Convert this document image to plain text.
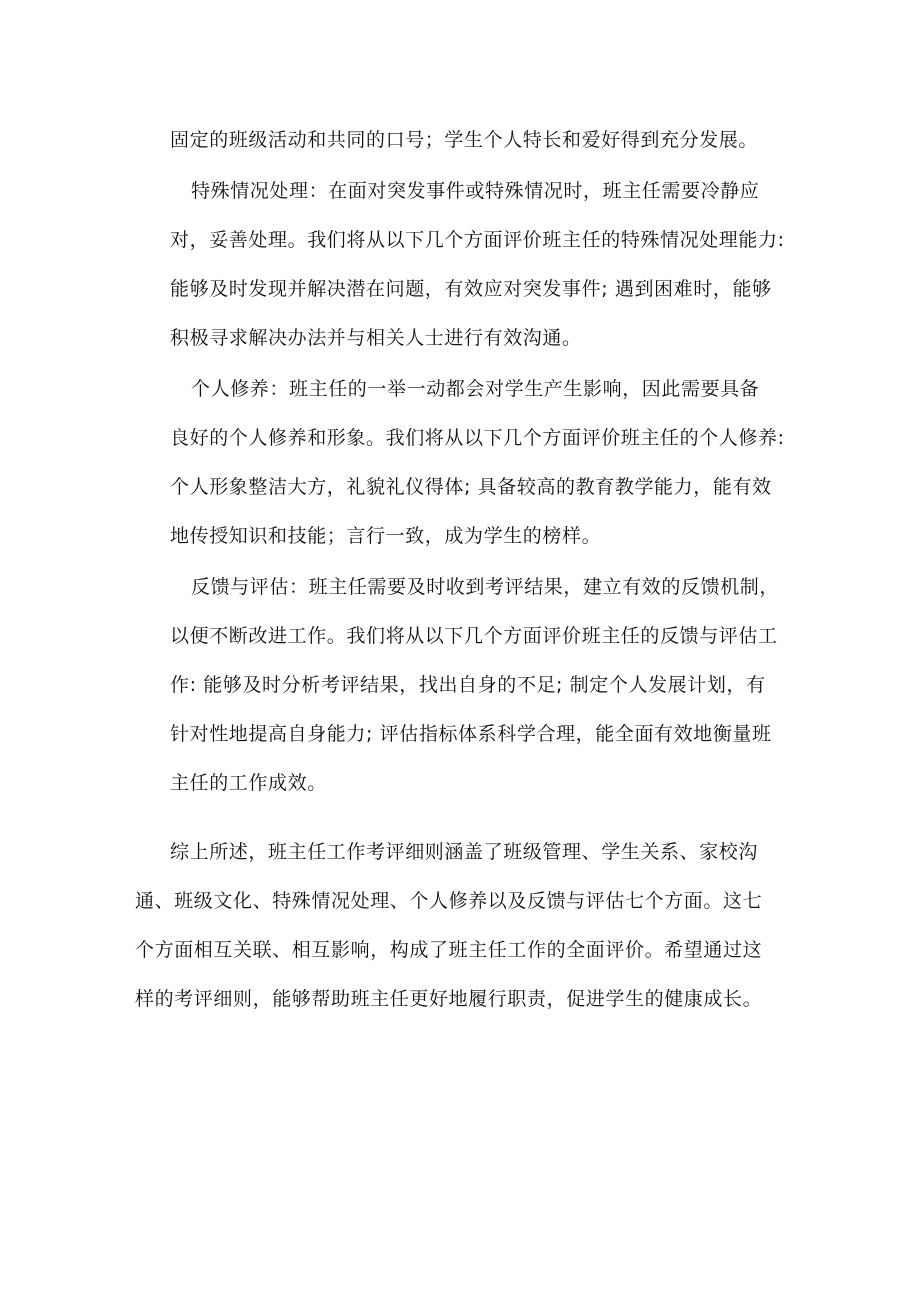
固定的班级活动和共同的口号；学生个人特长和爱好得到充分发展。
特殊情况处理：在面对突发事件或特殊情况时，班主任需要冷静应
对，妥善处理。我们将从以下几个方面评价班主任的特殊情况处理能力:
能够及时发现并解决潜在问题，有效应对突发事件; 遇到困难时，能够
积极寻求解决办法并与相关人士进行有效沟通。
个人修养：班主任的一举一动都会对学生产生影响，因此需要具备
良好的个人修养和形象。我们将从以下几个方面评价班主任的个人修养:
个人形象整洁大方，礼貌礼仪得体; 具备较高的教育教学能力，能有效
地传授知识和技能；言行一致，成为学生的榜样。
反馈与评估：班主任需要及时收到考评结果，建立有效的反馈机制，
以便不断改进工作。我们将从以下几个方面评价班主任的反馈与评估工
作: 能够及时分析考评结果，找出自身的不足; 制定个人发展计划，有
针对性地提高自身能力; 评估指标体系科学合理，能全面有效地衡量班
主任的工作成效。
综上所述，班主任工作考评细则涵盖了班级管理、学生关系、家校沟
通、班级文化、特殊情况处理、个人修养以及反馈与评估七个方面。这七
个方面相互关联、相互影响，构成了班主任工作的全面评价。希望通过这
样的考评细则，能够帮助班主任更好地履行职责，促进学生的健康成长。
